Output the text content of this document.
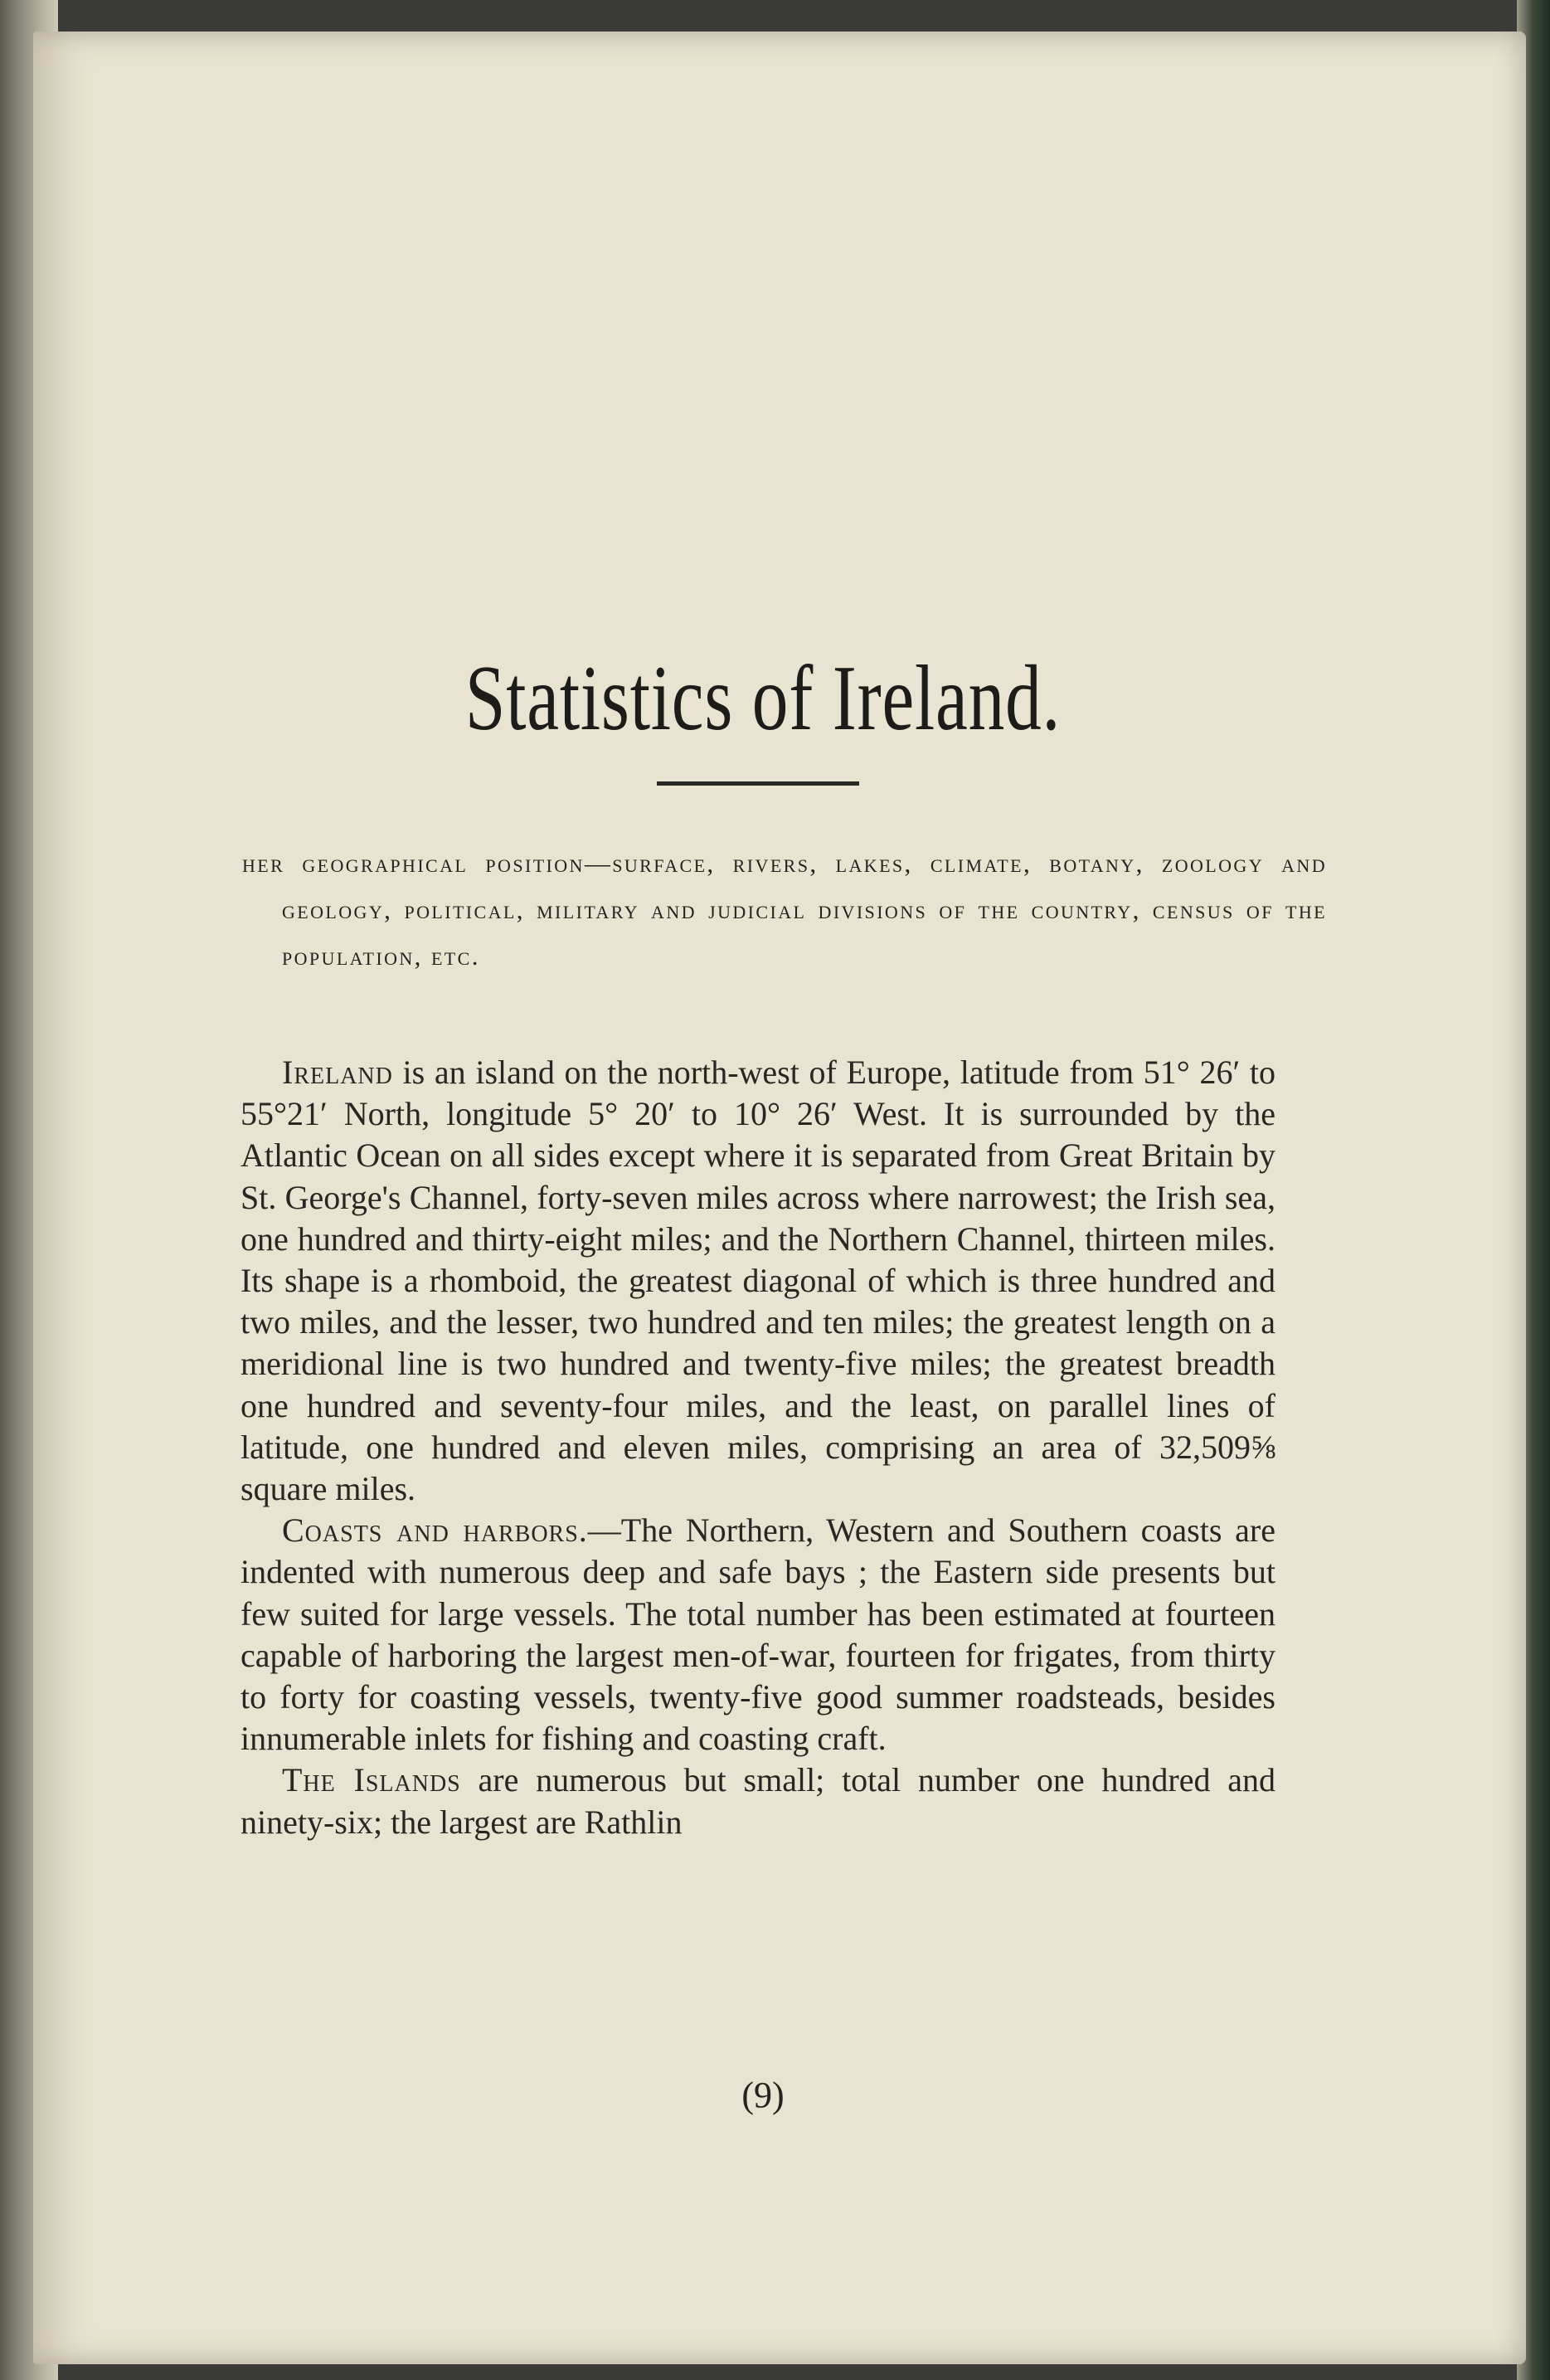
Statistics of Ireland.
her geographical position—surface, rivers, lakes, climate, botany, zoology and geology, political, military and judicial divisions of the country, census of the population, etc.

Ireland is an island on the north-west of Europe, latitude from 51° 26′ to 55°21′ North, longitude 5° 20′ to 10° 26′ West. It is surrounded by the Atlantic Ocean on all sides except where it is separated from Great Britain by St. George's Channel, forty-seven miles across where narrowest; the Irish sea, one hundred and thirty-eight miles; and the Northern Channel, thirteen miles. Its shape is a rhomboid, the greatest diagonal of which is three hundred and two miles, and the lesser, two hundred and ten miles; the greatest length on a meridional line is two hundred and twenty-five miles; the greatest breadth one hundred and seventy-four miles, and the least, on parallel lines of latitude, one hundred and eleven miles, comprising an area of 32,509⅝ square miles.

Coasts and harbors.—The Northern, Western and Southern coasts are indented with numerous deep and safe bays ; the Eastern side presents but few suited for large vessels. The total number has been estimated at fourteen capable of harboring the largest men-of-war, fourteen for frigates, from thirty to forty for coasting vessels, twenty-five good summer roadsteads, besides innumerable inlets for fishing and coasting craft.

The Islands are numerous but small; total number one hundred and ninety-six; the largest are Rathlin

(9)
